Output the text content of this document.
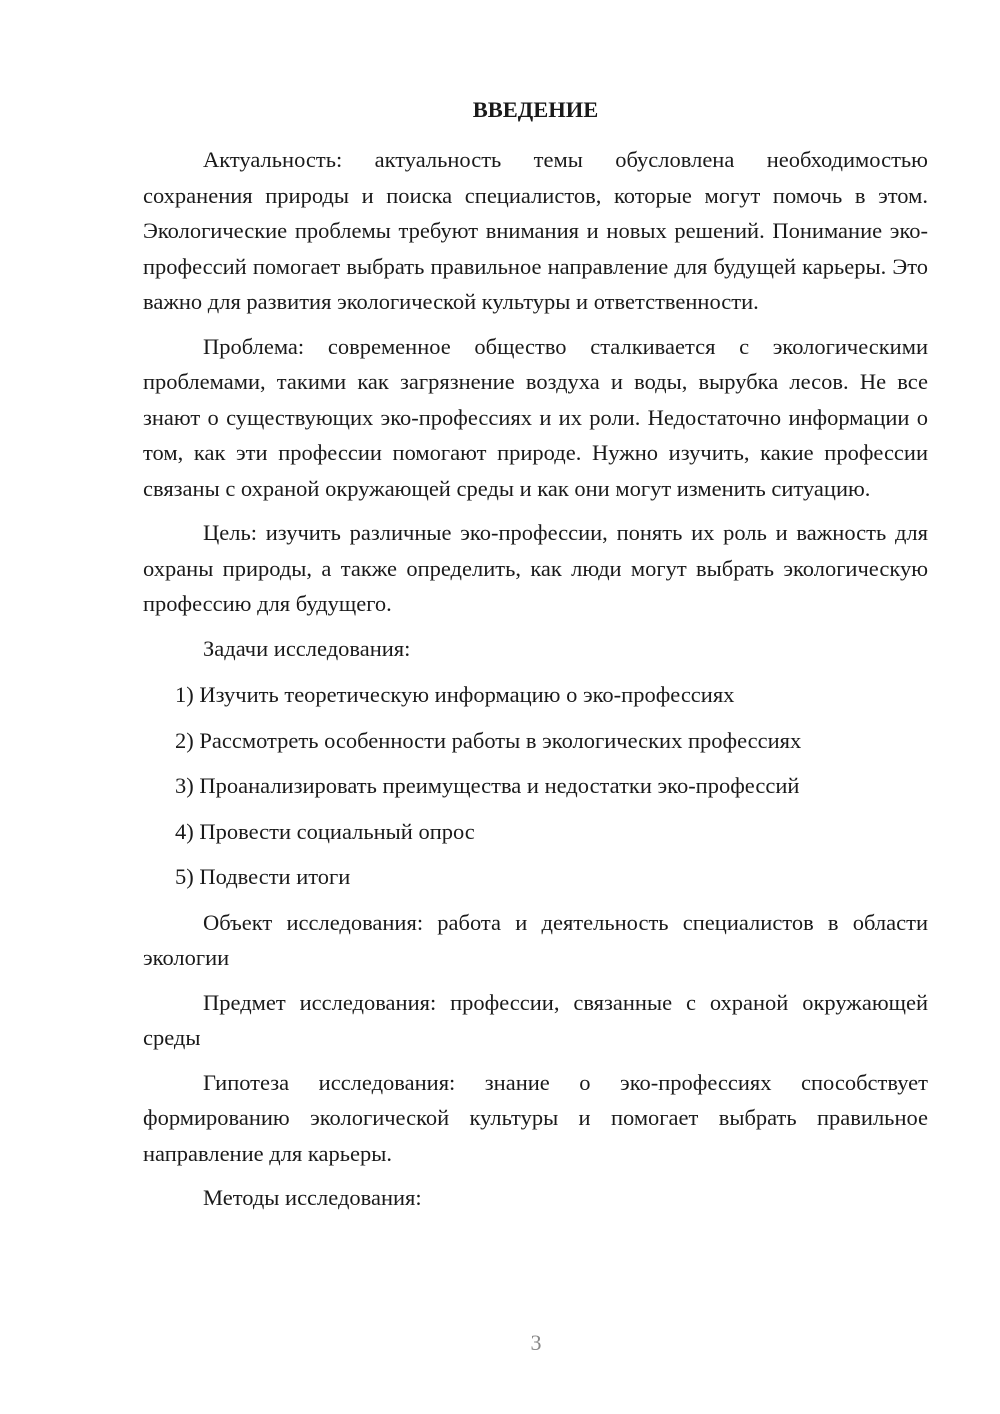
ВВЕДЕНИЕ

Актуальность: актуальность темы обусловлена необходимостью сохранения природы и поиска специалистов, которые могут помочь в этом. Экологические проблемы требуют внимания и новых решений. Понимание эко-профессий помогает выбрать правильное направление для будущей карьеры. Это важно для развития экологической культуры и ответственности.

Проблема: современное общество сталкивается с экологическими проблемами, такими как загрязнение воздуха и воды, вырубка лесов. Не все знают о существующих эко-профессиях и их роли. Недостаточно информации о том, как эти профессии помогают природе. Нужно изучить, какие профессии связаны с охраной окружающей среды и как они могут изменить ситуацию.

Цель: изучить различные эко-профессии, понять их роль и важность для охраны природы, а также определить, как люди могут выбрать экологическую профессию для будущего.

Задачи исследования:

1) Изучить теоретическую информацию о эко-профессиях
2) Рассмотреть особенности работы в экологических профессиях
3) Проанализировать преимущества и недостатки эко-профессий
4) Провести социальный опрос
5) Подвести итоги

Объект исследования: работа и деятельность специалистов в области экологии

Предмет исследования: профессии, связанные с охраной окружающей среды

Гипотеза исследования: знание о эко-профессиях способствует формированию экологической культуры и помогает выбрать правильное направление для карьеры.

Методы исследования:

3
